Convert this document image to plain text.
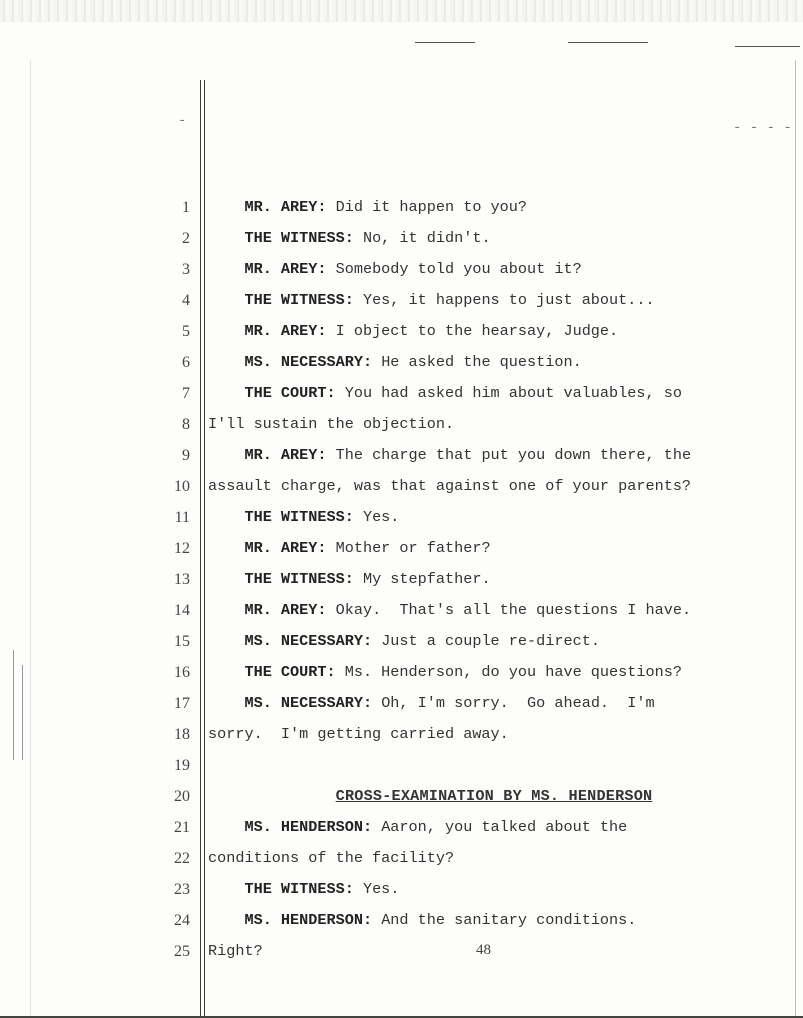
-	- - - -
1	MR. AREY: Did it happen to you?
2	THE WITNESS: No, it didn't.
3	MR. AREY: Somebody told you about it?
4	THE WITNESS: Yes, it happens to just about...
5	MR. AREY: I object to the hearsay, Judge.
6	MS. NECESSARY: He asked the question.
7	THE COURT: You had asked him about valuables, so
8 I'll sustain the objection.
9	MR. AREY: The charge that put you down there, the
10 assault charge, was that against one of your parents?
11	THE WITNESS: Yes.
12	MR. AREY: Mother or father?
13	THE WITNESS: My stepfather.
14	MR. AREY: Okay.  That's all the questions I have.
15	MS. NECESSARY: Just a couple re-direct.
16	THE COURT: Ms. Henderson, do you have questions?
17	MS. NECESSARY: Oh, I'm sorry.  Go ahead.  I'm
18 sorry.  I'm getting carried away.
19
20	CROSS-EXAMINATION BY MS. HENDERSON
21	MS. HENDERSON: Aaron, you talked about the
22 conditions of the facility?
23	THE WITNESS: Yes.
24	MS. HENDERSON: And the sanitary conditions.
25 Right?	48
